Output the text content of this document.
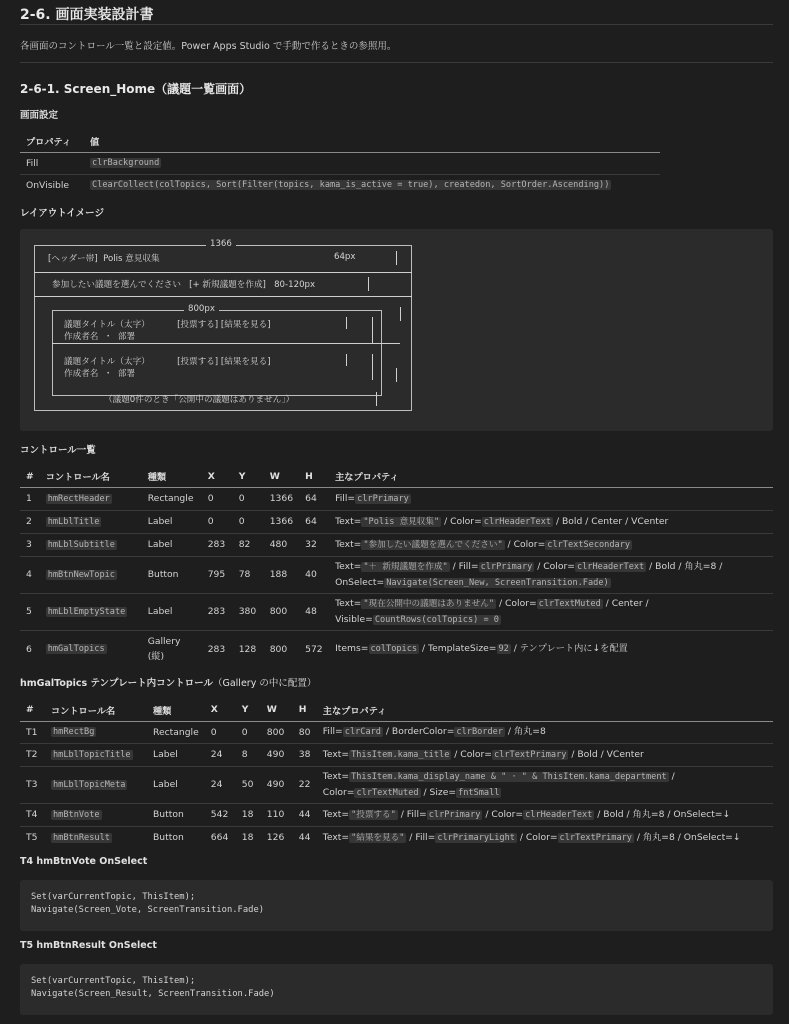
2-6. 画面実装設計書
各画面のコントロール一覧と設定値。Power Apps Studio で手動で作るときの参照用。
2-6-1. Screen_Home（議題一覧画面）
画面設定
プロパティ	値
Fill	clrBackground
OnVisible	ClearCollect(colTopics, Sort(Filter(topics, kama_is_active = true), createdon, SortOrder.Ascending))
レイアウトイメージ
1366
[ヘッダー帯]  Polis 意見収集	64px
参加したい議題を選んでください   [+ 新規議題を作成]   80-120px
800px
議題タイトル（太字）          [投票する] [結果を見る]
作成者名  ・  部署
議題タイトル（太字）          [投票する] [結果を見る]
作成者名  ・  部署
（議題0件のとき「公開中の議題はありません」）
コントロール一覧
#	コントロール名	種類	X	Y	W	H	主なプロパティ
1	hmRectHeader	Rectangle	0	0	1366	64	Fill= clrPrimary
2	hmLblTitle	Label	0	0	1366	64	Text= "Polis 意見収集" / Color= clrHeaderText / Bold / Center / VCenter
3	hmLblSubtitle	Label	283	82	480	32	Text= "参加したい議題を選んでください" / Color= clrTextSecondary
4	hmBtnNewTopic	Button	795	78	188	40	Text= "＋ 新規議題を作成" / Fill= clrPrimary / Color= clrHeaderText / Bold / 角丸=8 /
OnSelect= Navigate(Screen_New, ScreenTransition.Fade)

5	hmLblEmptyState	Label	283	380	800	48	Text= "現在公開中の議題はありません" / Color= clrTextMuted / Center /
Visible= CountRows(colTopics) = 0

6	hmGalTopics	Gallery
(縦)	283	128	800	572	Items= colTopics / TemplateSize= 92 / テンプレート内に↓を配置
hmGalTopics テンプレート内コントロール（Gallery の中に配置）
#	コントロール名	種類	X	Y	W	H	主なプロパティ
T1	hmRectBg	Rectangle	0	0	800	80	Fill= clrCard / BorderColor= clrBorder / 角丸=8
T2	hmLblTopicTitle	Label	24	8	490	38	Text= ThisItem.kama_title / Color= clrTextPrimary / Bold / VCenter
T3	hmLblTopicMeta	Label	24	50	490	22	Text= ThisItem.kama_display_name & " · " & ThisItem.kama_department /
Color= clrTextMuted / Size= fntSmall

T4	hmBtnVote	Button	542	18	110	44	Text= "投票する" / Fill= clrPrimary / Color= clrHeaderText / Bold / 角丸=8 / OnSelect=↓
T5	hmBtnResult	Button	664	18	126	44	Text= "結果を見る" / Fill= clrPrimaryLight / Color= clrTextPrimary / 角丸=8 / OnSelect=↓
T4 hmBtnVote OnSelect
Set(varCurrentTopic, ThisItem);
Navigate(Screen_Vote, ScreenTransition.Fade)
T5 hmBtnResult OnSelect
Set(varCurrentTopic, ThisItem);
Navigate(Screen_Result, ScreenTransition.Fade)
